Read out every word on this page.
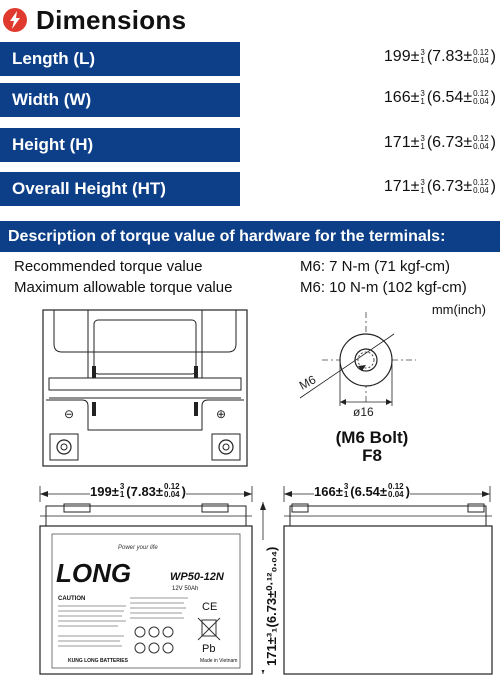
Dimensions
Length (L)	199± 3
1 (7.83 ± 0.12
0.04 )
Width (W)	166± 3
1 (6.54 ± 0.12
0.04 )
Height (H)	171± 3
1 (6.73 ± 0.12
0.04 )
Overall Height (HT)	171± 3
1 (6.73 ± 0.12
0.04 )
Description of torque value of hardware for the terminals:
Recommended torque value	M6: 7 N-m (71 kgf-cm)
Maximum allowable torque value	M6: 10 N-m (102 kgf-cm)
mm(inch)
⊖	⊕
M6
ø16
(M6 Bolt)
F8
199± 3
1 (7.83± 0.12
0.04 )	166± 3
1 (6.54± 0.12
0.04 )
Power your life
LONG	WP50-12N
12V 50Ah
CAUTION
CE
Pb
KUNG LONG BATTERIES	Made in Vietnam 171±³₁(6.73±⁰·¹²₀.₀₄)
